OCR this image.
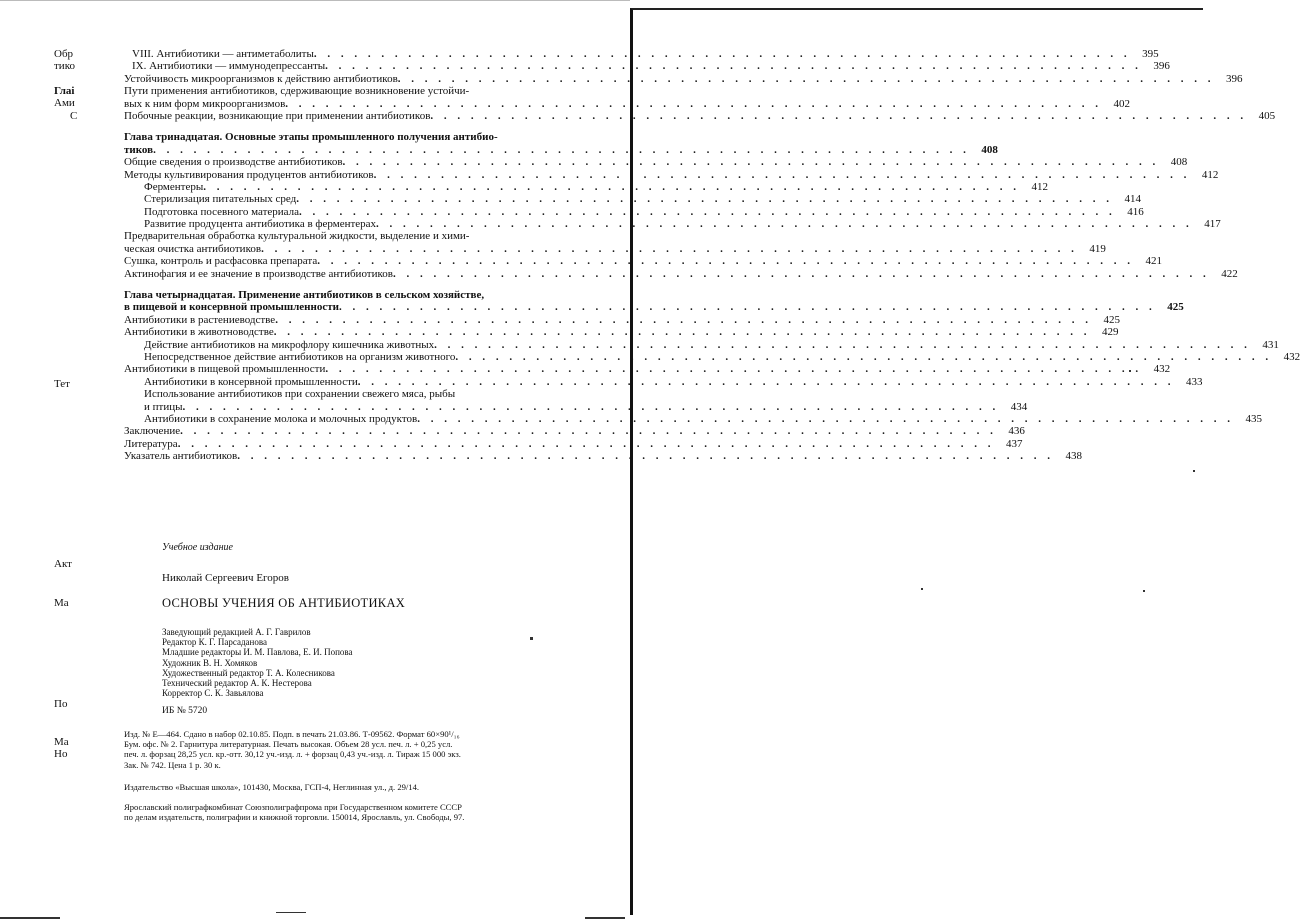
Обр
тико
Глаі
Ами
С
Тет
Акт
Ма
По
Ма
Но
VIII. Антибиотики — антиметаболиты . . .	395
IX. Антибиотики — иммунодепрессанты . . .	396
Устойчивость микроорганизмов к действию антибиотиков . . .	396
Пути применения антибиотиков, сдерживающие возникновение устойчи-
вых к ним форм микроорганизмов . . .	402
Побочные реакции, возникающие при применении антибиотиков . . .	405
Глава тринадцатая. Основные этапы промышленного получения антибио-
тиков . . .	408
Общие сведения о производстве антибиотиков . . .	408
Методы культивирования продуцентов антибиотиков . . .	412
Ферментеры . . .	412
Стерилизация питательных сред . . .	414
Подготовка посевного материала . . .	416
Развитие продуцента антибиотика в ферментерах . . .	417
Предварительная обработка культуральной жидкости, выделение и хими-
ческая очистка антибиотиков . . .	419
Сушка, контроль и расфасовка препарата . . .	421
Актинофагия и ее значение в производстве антибиотиков . . .	422
Глава четырнадцатая. Применение антибиотиков в сельском хозяйстве,
в пищевой и консервной промышленности . . .	425
Антибиотики в растениеводстве . . .	425
Антибиотики в животноводстве . . .	429
Действие антибиотиков на микрофлору кишечника животных . . .	431
Непосредственное действие антибиотиков на организм животного . . .	432
Антибиотики в пищевой промышленности . . .	432
Антибиотики в консервной промышленности . . .	433
Использование антибиотиков при сохранении свежего мяса, рыбы
и птицы . . .	434
Антибиотики в сохранение молока и молочных продуктов . . .	435
Заключение . . .	436
Литература . . .	437
Указатель антибиотиков . . .	438
Учебное издание
Николай Сергеевич Егоров
ОСНОВЫ УЧЕНИЯ ОБ АНТИБИОТИКАХ
Заведующий редакцией А. Г. Гаврилов
Редактор К. Г. Парсаданова
Младшие редакторы И. М. Павлова, Е. И. Попова
Художник В. Н. Хомяков
Художественный редактор Т. А. Колесникова
Технический редактор А. К. Нестерова
Корректор С. К. Завьялова
ИБ № 5720
Изд. № Е—464. Сдано в набор 02.10.85. Подп. в печать 21.03.86. Т-09562. Формат 60×90¹/₁₆
Бум. офс. № 2. Гарнитура литературная. Печать высокая. Объем 28 усл. печ. л. + 0,25 усл.
печ. л. форзац 28,25 усл. кр.-отт. 30,12 уч.-изд. л. + форзац 0,43 уч.-изд. л. Тираж 15 000 экз.
Зак. № 742. Цена 1 р. 30 к.
Издательство «Высшая школа», 101430, Москва, ГСП-4, Неглинная ул., д. 29/14.
Ярославский полиграфкомбинат Союзполиграфпрома при Государственном комитете СССР
по делам издательств, полиграфии и книжной торговли. 150014, Ярославль, ул. Свободы, 97.
